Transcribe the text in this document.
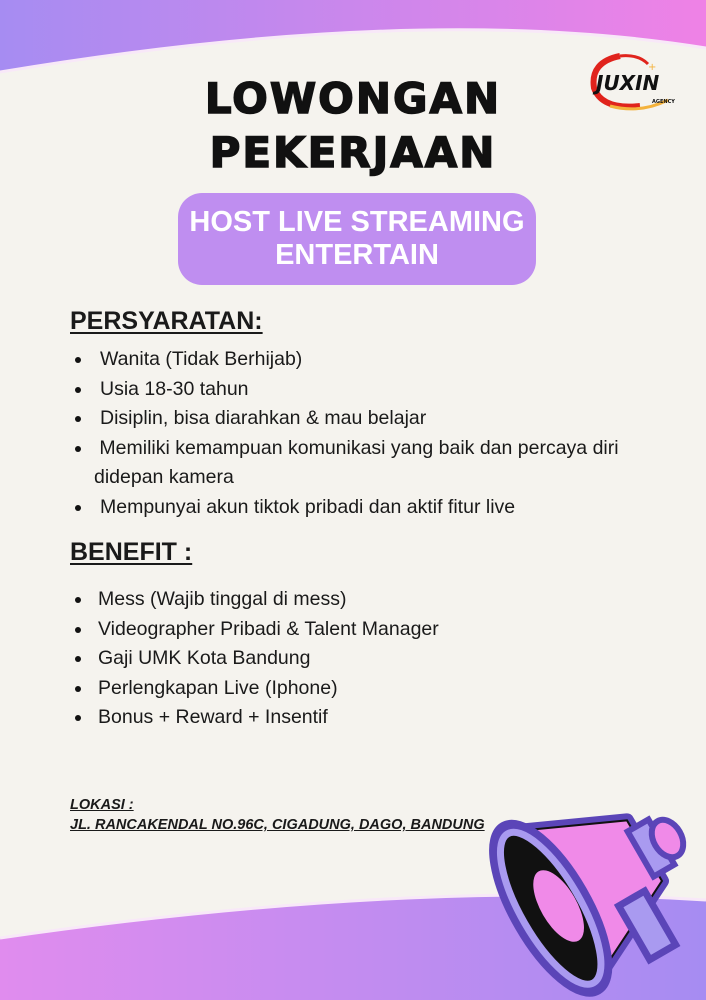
+
JUXIN
AGENCY
LOWONGAN
PEKERJAAN
HOST LIVE STREAMING
ENTERTAIN
PERSYARATAN:
Wanita (Tidak Berhijab)
Usia 18-30 tahun
Disiplin, bisa diarahkan & mau belajar
Memiliki kemampuan komunikasi yang baik dan percaya diri didepan kamera
Mempunyai akun tiktok pribadi dan aktif fitur live
BENEFIT :
Mess (Wajib tinggal di mess)
Videographer Pribadi & Talent Manager
Gaji UMK Kota Bandung
Perlengkapan Live (Iphone)
Bonus + Reward + Insentif
LOKASI :
JL. RANCAKENDAL NO.96C, CIGADUNG, DAGO, BANDUNG
